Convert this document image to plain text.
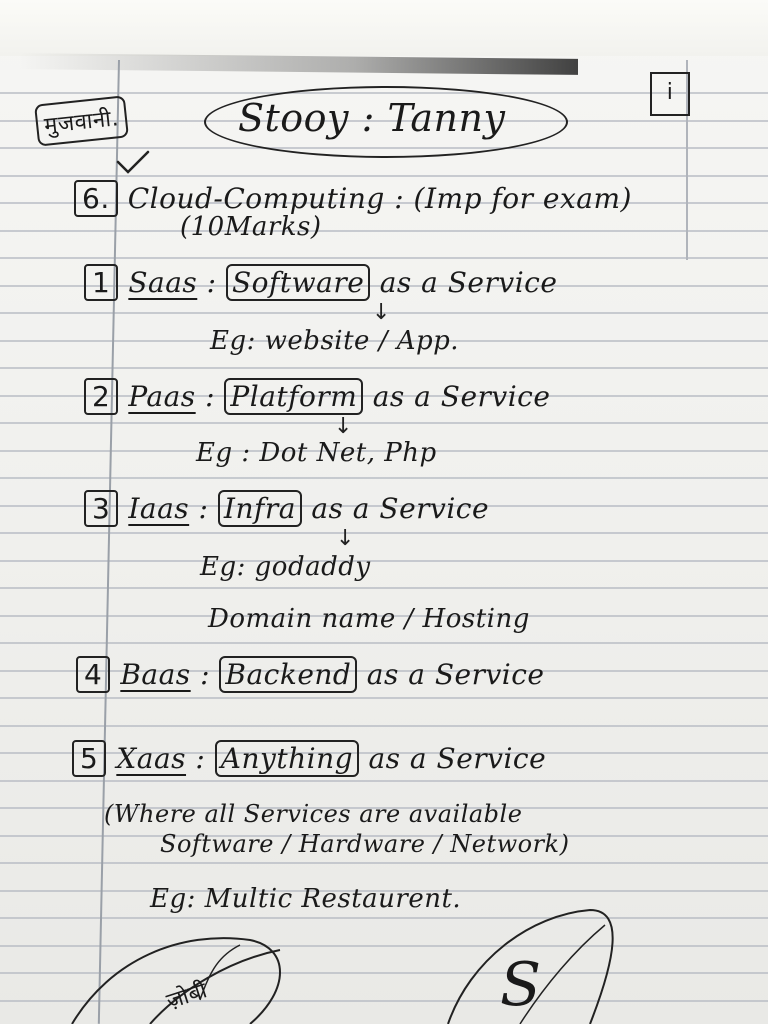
मुजवानी.	Stooy : Tanny
i
6. Cloud-Computing : (Imp for exam)
(10Marks)
1 Saas : Software as a Service
↓
Eg: website / App.
2 Paas : Platform as a Service
↓
Eg : Dot Net, Php
3 Iaas : Infra as a Service
↓
Eg: godaddy
Domain name / Hosting
4 Baas : Backend as a Service
5 Xaas : Anything as a Service
(Where all Services are available
Software / Hardware / Network)
Eg: Multic Restaurent.
ज़ोबी	S
